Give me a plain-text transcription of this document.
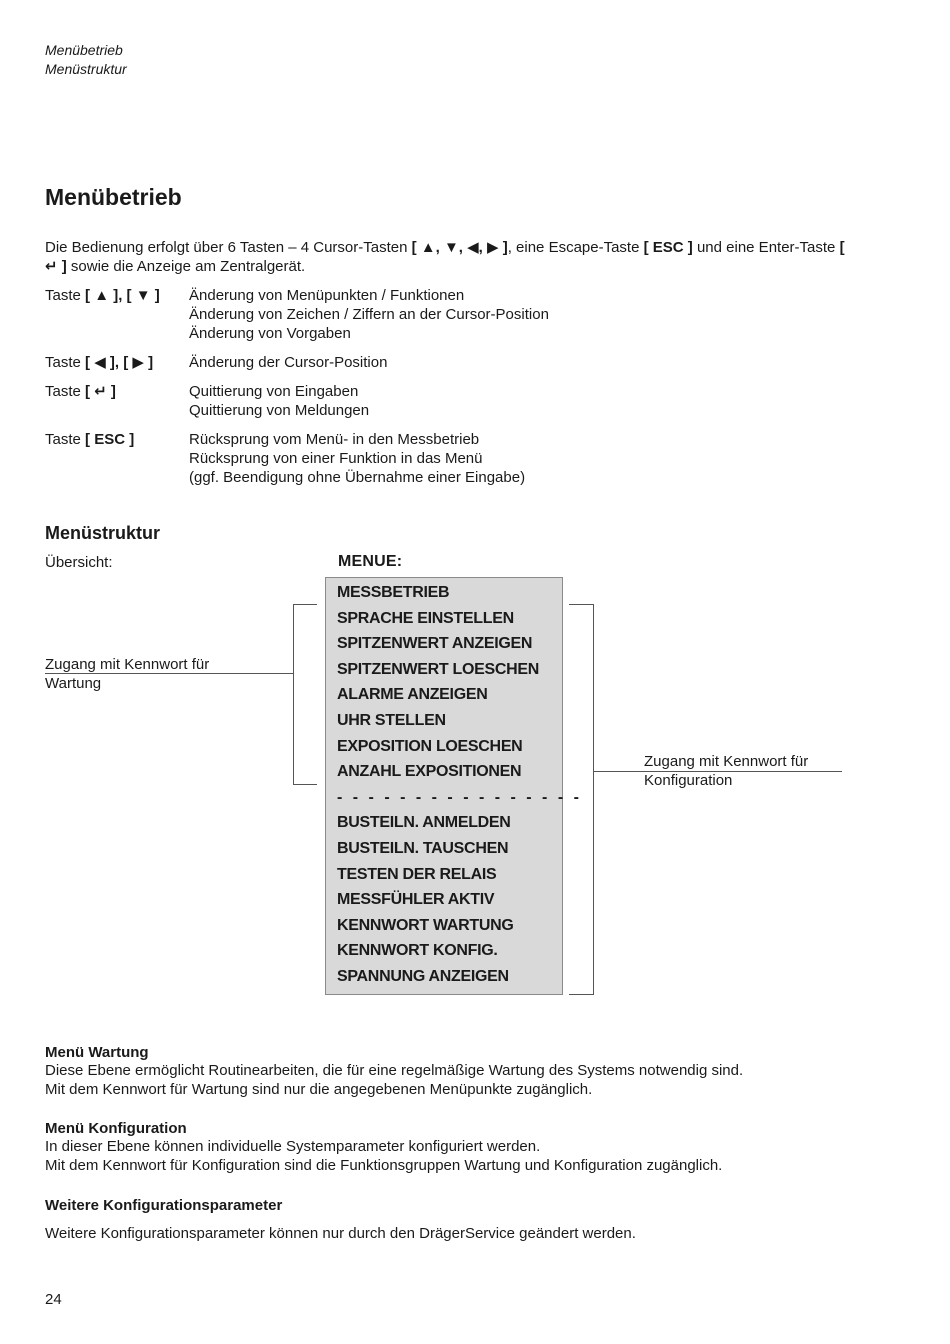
Menübetrieb
Menüstruktur
Menübetrieb

Die Bedienung erfolgt über 6 Tasten – 4 Cursor-Tasten [ ▲, ▼, ◀, ▶ ], eine Escape-Taste [ ESC ] und eine Enter-Taste [ ↵ ] sowie die Anzeige am Zentralgerät.

Taste [ ▲ ], [ ▼ ]	Änderung von Menüpunkten / Funktionen
Änderung von Zeichen / Ziffern an der Cursor-Position
Änderung von Vorgaben

Taste [ ◀ ], [ ▶ ]	Änderung der Cursor-Position

Taste [ ↵ ]	Quittierung von Eingaben
Quittierung von Meldungen

Taste [ ESC ]	Rücksprung vom Menü- in den Messbetrieb
Rücksprung von einer Funktion in das Menü
(ggf. Beendigung ohne Übernahme einer Eingabe)
Menüstruktur
Übersicht:	MENUE:
MESSBETRIEB
SPRACHE EINSTELLEN
SPITZENWERT ANZEIGEN
SPITZENWERT LOESCHEN
ALARME ANZEIGEN
UHR STELLEN
EXPOSITION LOESCHEN
ANZAHL EXPOSITIONEN
- - - - - - - - - - - - - - - -
BUSTEILN. ANMELDEN
BUSTEILN. TAUSCHEN
TESTEN DER RELAIS
MESSFÜHLER AKTIV
KENNWORT WARTUNG
KENNWORT KONFIG.
SPANNUNG ANZEIGEN
Zugang mit Kennwort für
Wartung
Zugang mit Kennwort für
Konfiguration
Menü Wartung

Diese Ebene ermöglicht Routinearbeiten, die für eine regelmäßige Wartung des Systems notwendig sind.

Mit dem Kennwort für Wartung sind nur die angegebenen Menüpunkte zugänglich.

Menü Konfiguration

In dieser Ebene können individuelle Systemparameter konfiguriert werden.

Mit dem Kennwort für Konfiguration sind die Funktionsgruppen Wartung und Konfiguration zugänglich.

Weitere Konfigurationsparameter

Weitere Konfigurationsparameter können nur durch den DrägerService geändert werden.

24
